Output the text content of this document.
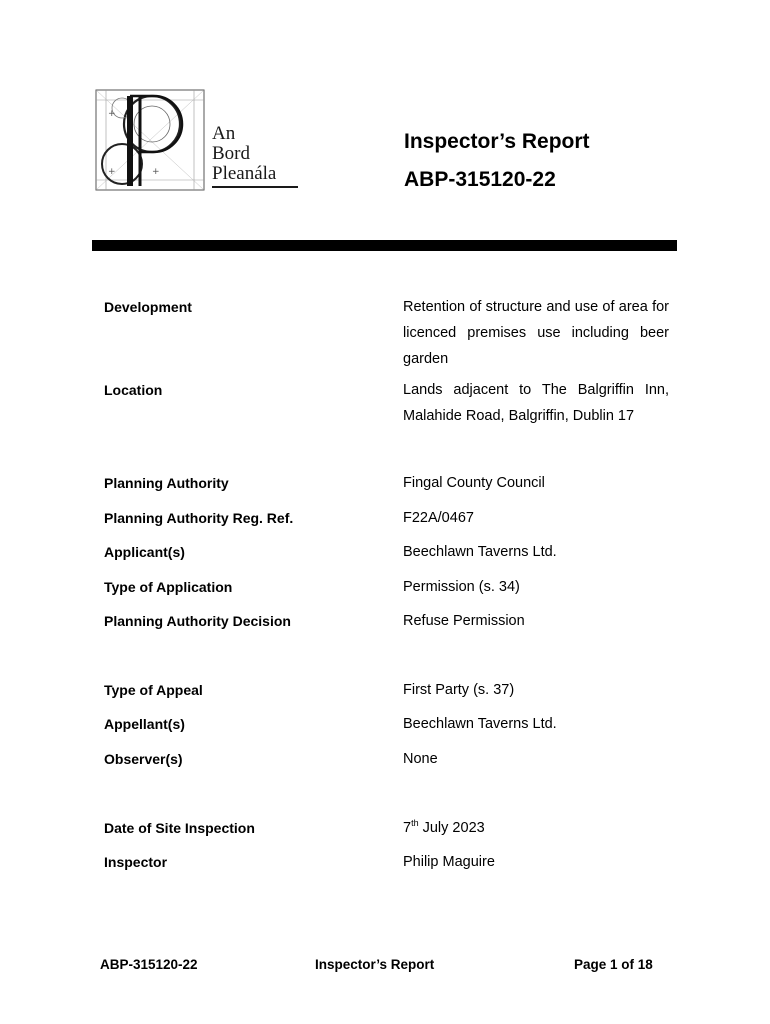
+
+	+
An
Bord
Pleanála
Inspector’s Report
ABP-315120-22
Development	Retention of structure and use of area for licenced premises use including beer garden
Location	Lands adjacent to The Balgriffin Inn, Malahide Road, Balgriffin, Dublin 17
Planning Authority	Fingal County Council
Planning Authority Reg. Ref.	F22A/0467
Applicant(s)	Beechlawn Taverns Ltd.
Type of Application	Permission (s. 34)
Planning Authority Decision	Refuse Permission
Type of Appeal	First Party (s. 37)
Appellant(s)	Beechlawn Taverns Ltd.
Observer(s)	None
Date of Site Inspection	7th July 2023
Inspector	Philip Maguire
ABP-315120-22	Inspector’s Report	Page 1 of 18
